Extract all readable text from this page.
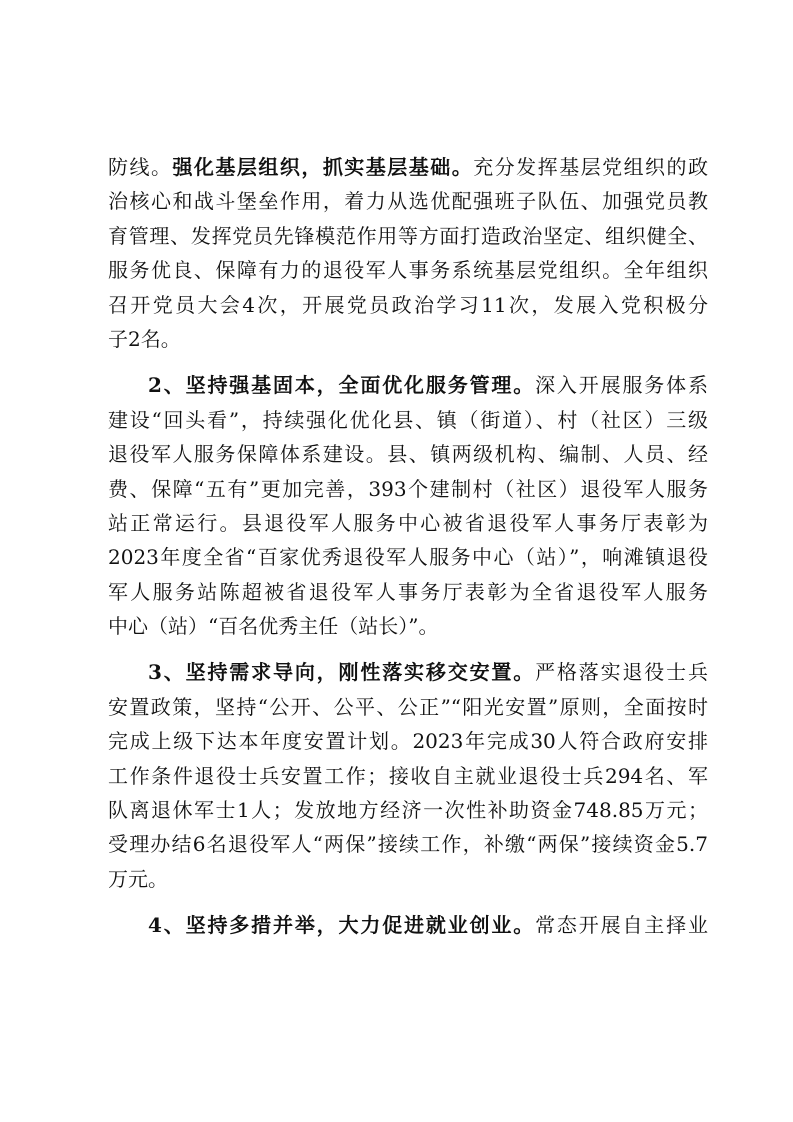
防线。强化基层组织，抓实基层基础。充分发挥基层党组织的政
治核心和战斗堡垒作用，着力从选优配强班子队伍、加强党员教
育管理、发挥党员先锋模范作用等方面打造政治坚定、组织健全、
服务优良、保障有力的退役军人事务系统基层党组织。全年组织
召开党员大会4次，开展党员政治学习11次，发展入党积极分
子2名。
2、坚持强基固本，全面优化服务管理。深入开展服务体系
建设“回头看”，持续强化优化县、镇（街道）、村（社区）三级
退役军人服务保障体系建设。县、镇两级机构、编制、人员、经
费、保障“五有”更加完善，393个建制村（社区）退役军人服务
站正常运行。县退役军人服务中心被省退役军人事务厅表彰为
2023年度全省“百家优秀退役军人服务中心（站）”，响滩镇退役
军人服务站陈超被省退役军人事务厅表彰为全省退役军人服务
中心（站）“百名优秀主任（站长）”。
3、坚持需求导向，刚性落实移交安置。严格落实退役士兵
安置政策，坚持“公开、公平、公正”“阳光安置”原则，全面按时
完成上级下达本年度安置计划。2023年完成30人符合政府安排
工作条件退役士兵安置工作；接收自主就业退役士兵294名、军
队离退休军士1人；发放地方经济一次性补助资金748.85万元；
受理办结6名退役军人“两保”接续工作，补缴“两保”接续资金5.7
万元。
4、坚持多措并举，大力促进就业创业。常态开展自主择业
